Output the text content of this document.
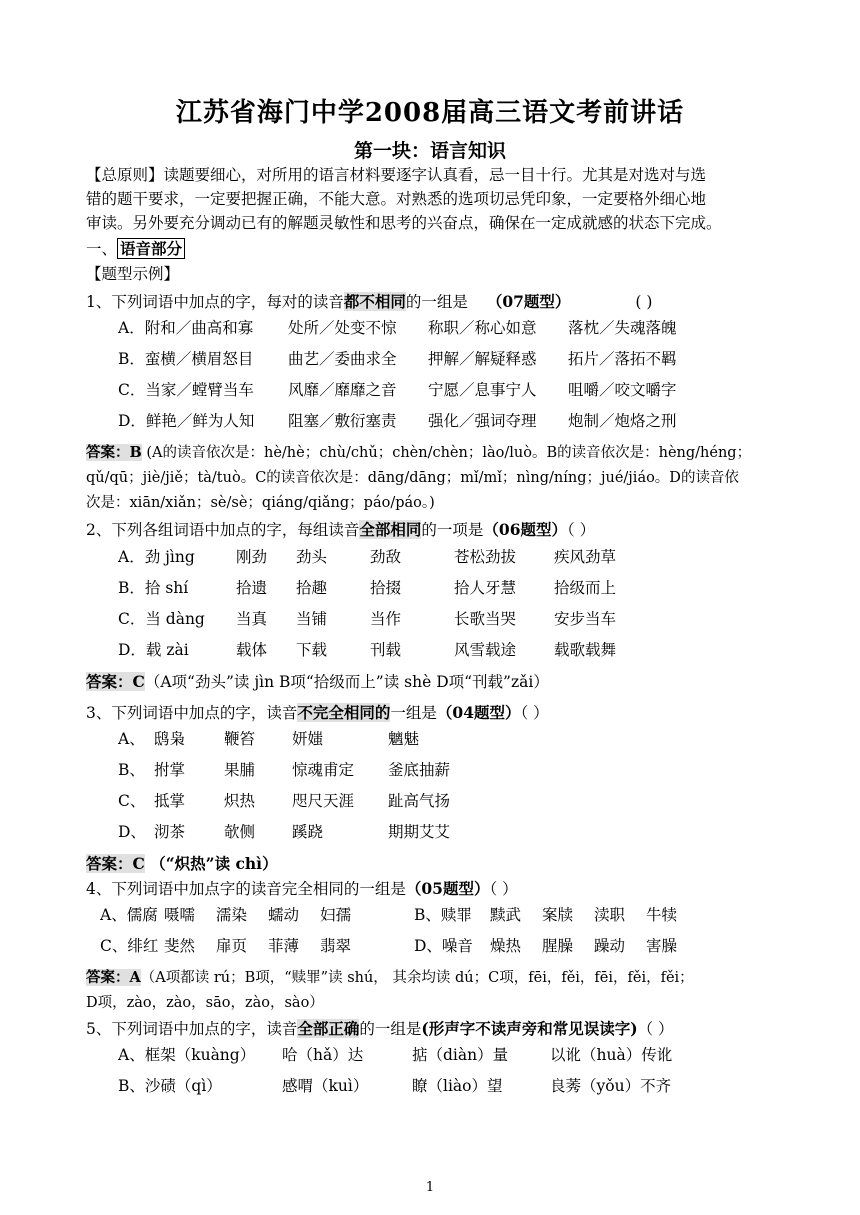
江苏省海门中学2008届高三语文考前讲话
第一块：语言知识
【总原则】读题要细心，对所用的语言材料要逐字认真看，忌一目十行。尤其是对选对与选
错的题干要求，一定要把握正确，不能大意。对熟悉的选项切忌凭印象，一定要格外细心地
审读。另外要充分调动已有的解题灵敏性和思考的兴奋点，确保在一定成就感的状态下完成。
一、 语音部分
【题型示例】
1、下列词语中加点的字，每对的读音都不相同的一组是 （07题型）	( )
A．附和／曲高和寡 处所／处变不惊 称职／称心如意 落枕／失魂落魄
B．蛮横／横眉怒目 曲艺／委曲求全 押解／解疑释惑 拓片／落拓不羁
C．当家／螳臂当车 风靡／靡靡之音 宁愿／息事宁人 咀嚼／咬文嚼字
D．鲜艳／鲜为人知 阻塞／敷衍塞责 强化／强词夺理 炮制／炮烙之刑
答案：B (A的读音依次是：hè/hè；chù/chǔ；chèn/chèn；lào/luò。B的读音依次是：hèng/héng；
qǔ/qū；jiè/jiě；tà/tuò。C的读音依次是：dāng/dāng；mǐ/mǐ；nìng/níng；jué/jiáo。D的读音依
次是：xiān/xiǎn；sè/sè；qiáng/qiǎng；páo/páo。)
2、下列各组词语中加点的字，每组读音全部相同的一项是（06题型）（ ）
A．劲 jìng	刚劲 劲头	劲敌	苍松劲拔 疾风劲草
B．拾 shí	拾遗 拾趣	拾掇	拾人牙慧 拾级而上
C．当 dàng 当真 当铺	当作	长歌当哭 安步当车
D．载 zài	载体 下载	刊载	风雪载途 载歌载舞
答案：C（A项“劲头”读 jìn B项“拾级而上”读 shè D项“刊载”zǎi）
3、下列词语中加点的字，读音不完全相同的一组是（04题型）（ ）
A、 鸱枭	鞭笞 妍媸	魑魅
B、 拊掌	果脯 惊魂甫定 釜底抽薪
C、 抵掌	炽热 咫尺天涯 趾高气扬
D、 沏茶	欹侧 蹊跷	期期艾艾
答案：C （“炽热”读 chì）
4、下列词语中加点字的读音完全相同的一组是（05题型）（ ）
A、儒腐 嗫嚅 濡染 蠕动 妇孺	B、赎罪 黩武 案牍 渎职 牛犊
C、绯红 斐然 扉页 菲薄 翡翠	D、噪音 燥热 腥臊 躁动 害臊
答案：A（A项都读 rú；B项，“赎罪”读 shú， 其余均读 dú；C项，fēi，fěi，fēi，fěi，fěi；
D项，zào，zào，sāo，zào，sào）
5、下列词语中加点的字，读音全部正确的一组是(形声字不读声旁和常见误读字)（ ）
A、框架（kuàng） 哈（hǎ）达	掂（diàn）量	以讹（huà）传讹
B、沙碛（qì）	感喟（kuì）	瞭（liào）望	良莠（yǒu）不齐
1
